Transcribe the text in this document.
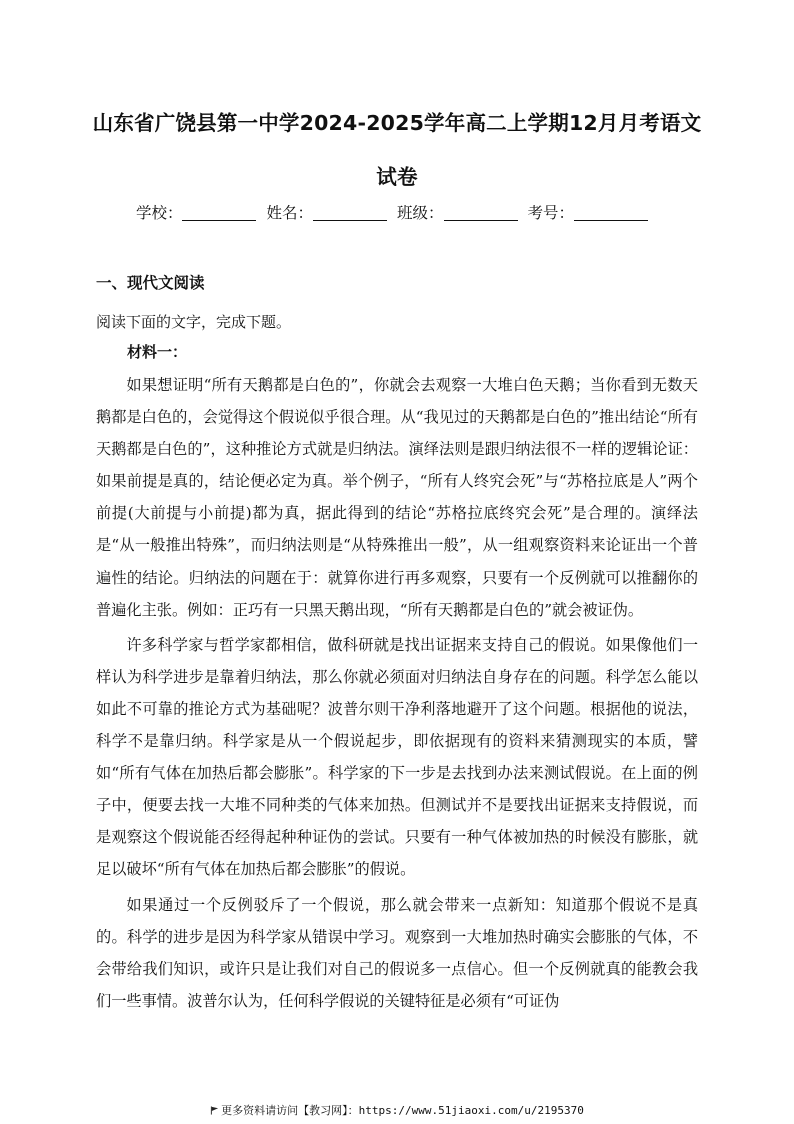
山东省广饶县第一中学2024-2025学年高二上学期12月月考语文试卷
学校：	姓名：	班级：	考号：
一、现代文阅读
阅读下面的文字，完成下题。
材料一：

如果想证明“所有天鹅都是白色的”，你就会去观察一大堆白色天鹅；当你看到无数天鹅都是白色的，会觉得这个假说似乎很合理。从“我见过的天鹅都是白色的”推出结论“所有天鹅都是白色的”，这种推论方式就是归纳法。演绎法则是跟归纳法很不一样的逻辑论证：如果前提是真的，结论便必定为真。举个例子，“所有人终究会死”与“苏格拉底是人”两个前提(大前提与小前提)都为真，据此得到的结论“苏格拉底终究会死”是合理的。演绎法是“从一般推出特殊”，而归纳法则是“从特殊推出一般”，从一组观察资料来论证出一个普遍性的结论。归纳法的问题在于：就算你进行再多观察，只要有一个反例就可以推翻你的普遍化主张。例如：正巧有一只黑天鹅出现，“所有天鹅都是白色的”就会被证伪。

许多科学家与哲学家都相信，做科研就是找出证据来支持自己的假说。如果像他们一样认为科学进步是靠着归纳法，那么你就必须面对归纳法自身存在的问题。科学怎么能以如此不可靠的推论方式为基础呢？波普尔则干净利落地避开了这个问题。根据他的说法，科学不是靠归纳。科学家是从一个假说起步，即依据现有的资料来猜测现实的本质，譬如“所有气体在加热后都会膨胀”。科学家的下一步是去找到办法来测试假说。在上面的例子中，便要去找一大堆不同种类的气体来加热。但测试并不是要找出证据来支持假说，而是观察这个假说能否经得起种种证伪的尝试。只要有一种气体被加热的时候没有膨胀，就足以破坏“所有气体在加热后都会膨胀”的假说。

如果通过一个反例驳斥了一个假说，那么就会带来一点新知：知道那个假说不是真的。科学的进步是因为科学家从错误中学习。观察到一大堆加热时确实会膨胀的气体，不会带给我们知识，或许只是让我们对自己的假说多一点信心。但一个反例就真的能教会我们一些事情。波普尔认为，任何科学假说的关键特征是必须有“可证伪

更多资料请访问【教习网】：https://www.51jiaoxi.com/u/2195370
